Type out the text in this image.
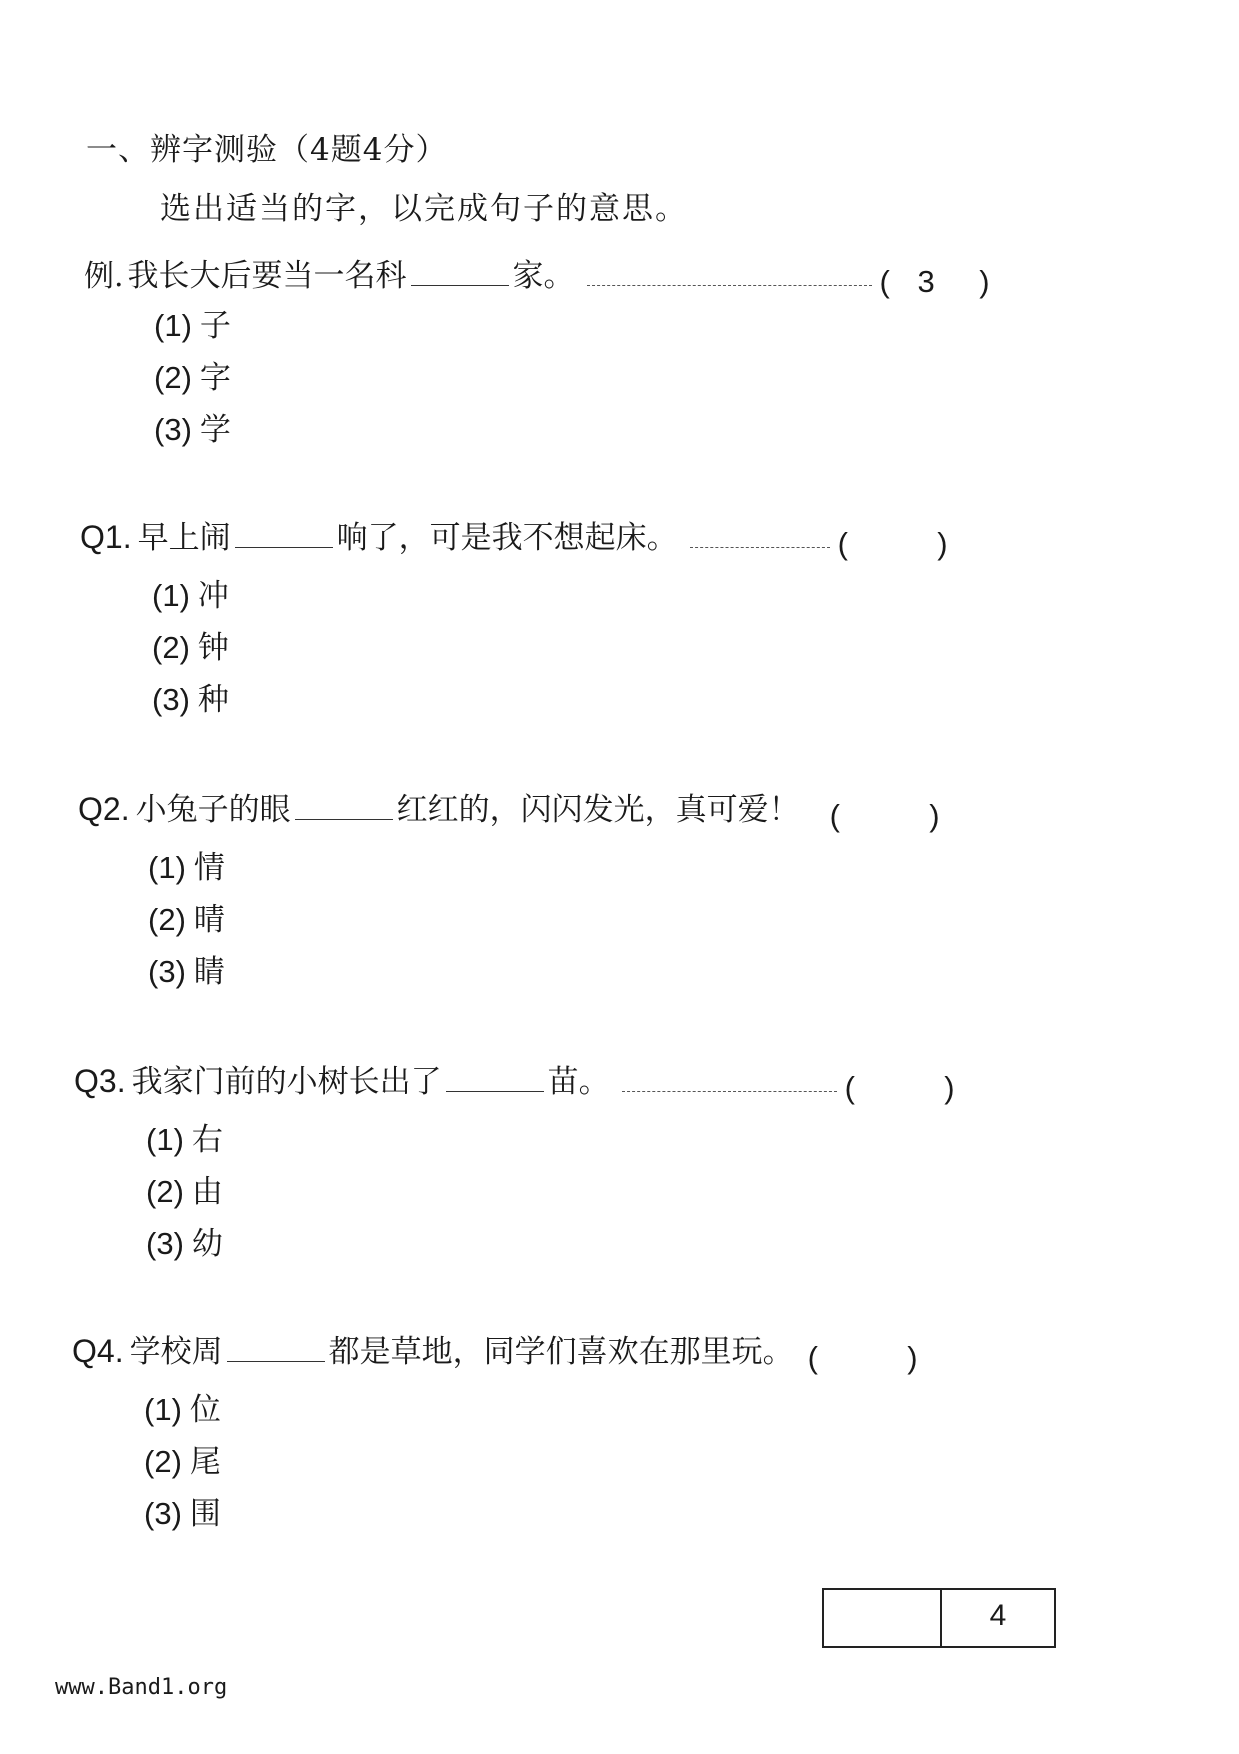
一、辨字测验（4题4分）
选出适当的字，以完成句子的意思。
例. 我长大后要当一名科	家。	( 3 )
(1) 子
(2) 字
(3) 学
Q1. 早上闹	响了，可是我不想起床。	(	)
(1) 冲
(2) 钟
(3) 种
Q2. 小兔子的眼	红红的，闪闪发光，真可爱！ (	)
(1) 情
(2) 晴
(3) 睛
Q3. 我家门前的小树长出了	苗。	(	)
(1) 右
(2) 由
(3) 幼
Q4. 学校周	都是草地，同学们喜欢在那里玩。 (	)
(1) 位
(2) 尾
(3) 围
4
www.Band1.org
